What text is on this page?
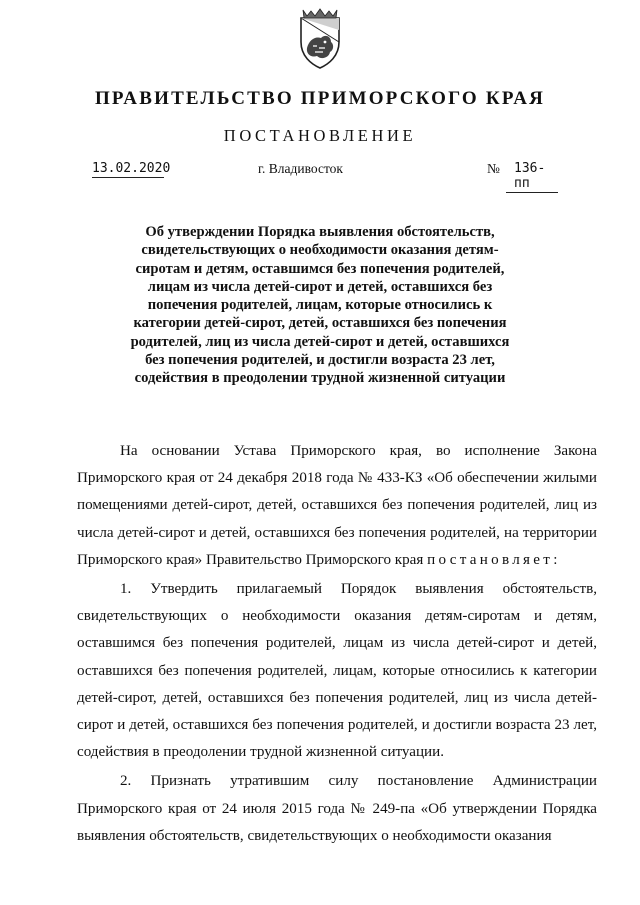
ПРАВИТЕЛЬСТВО ПРИМОРСКОГО КРАЯ
ПОСТАНОВЛЕНИЕ
13.02.2020	г. Владивосток	№	136-пп
Об утверждении Порядка выявления обстоятельств, свидетельствующих о необходимости оказания детям-сиротам и детям, оставшимся без попечения родителей, лицам из числа детей-сирот и детей, оставшихся без попечения родителей, лицам, которые относились к категории детей-сирот, детей, оставшихся без попечения родителей, лиц из числа детей-сирот и детей, оставшихся без попечения родителей, и достигли возраста 23 лет, содействия в преодолении трудной жизненной ситуации

На основании Устава Приморского края, во исполнение Закона Приморского края от 24 декабря 2018 года № 433-КЗ «Об обеспечении жилыми помещениями детей-сирот, детей, оставшихся без попечения родителей, лиц из числа детей-сирот и детей, оставшихся без попечения родителей, на территории Приморского края» Правительство Приморского края постановляет:

1. Утвердить прилагаемый Порядок выявления обстоятельств, свидетельствующих о необходимости оказания детям-сиротам и детям, оставшимся без попечения родителей, лицам из числа детей-сирот и детей, оставшихся без попечения родителей, лицам, которые относились к категории детей-сирот, детей, оставшихся без попечения родителей, лиц из числа детей-сирот и детей, оставшихся без попечения родителей, и достигли возраста 23 лет, содействия в преодолении трудной жизненной ситуации.

2. Признать утратившим силу постановление Администрации Приморского края от 24 июля 2015 года № 249-па «Об утверждении Порядка выявления обстоятельств, свидетельствующих о необходимости оказания
